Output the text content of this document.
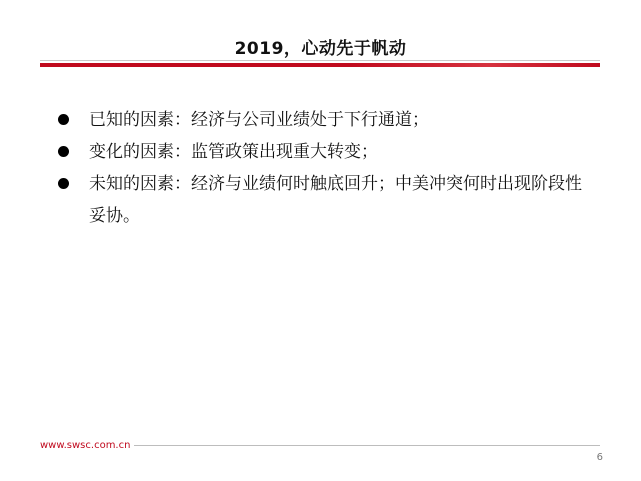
2019，心动先于帆动
已知的因素：经济与公司业绩处于下行通道；
变化的因素：监管政策出现重大转变；
未知的因素：经济与业绩何时触底回升；中美冲突何时出现阶段性妥协。
www.swsc.com.cn
6
